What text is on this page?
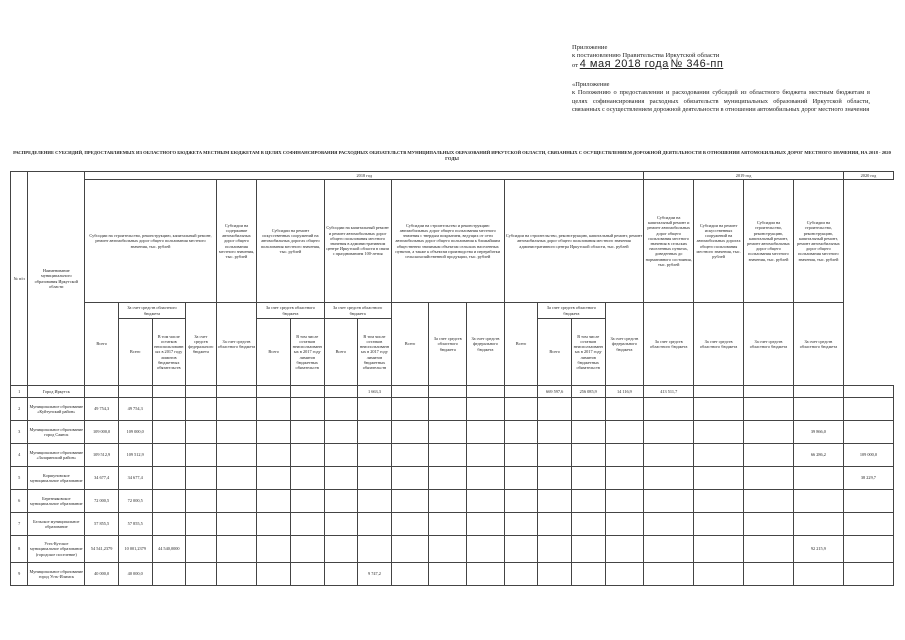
Приложение
к постановлению Правительства Иркутской области
от 4 мая 2018 года № 346-пп
«Приложение
к Положению о предоставлении и расходовании субсидий из областного бюджета местным бюджетам в целях софинансирования расходных обязательств муниципальных образований Иркутской области, связанных с осуществлением дорожной деятельности в отношении автомобильных дорог местного значения
РАСПРЕДЕЛЕНИЕ СУБСИДИЙ, ПРЕДОСТАВЛЯЕМЫХ ИЗ ОБЛАСТНОГО БЮДЖЕТА МЕСТНЫМ БЮДЖЕТАМ В ЦЕЛЯХ СОФИНАНСИРОВАНИЯ РАСХОДНЫХ ОБЯЗАТЕЛЬСТВ МУНИЦИПАЛЬНЫХ ОБРАЗОВАНИЙ ИРКУТСКОЙ ОБЛАСТИ, СВЯЗАННЫХ С ОСУЩЕСТВЛЕНИЕМ ДОРОЖНОЙ ДЕЯТЕЛЬНОСТИ В ОТНОШЕНИИ АВТОМОБИЛЬНЫХ ДОРОГ МЕСТНОГО ЗНАЧЕНИЯ, НА 2018 - 2020 ГОДЫ
№ п/п	Наименование муниципального образования Иркутской области	2018 год																2019 год				2020 год
		Субсидии на строительство, реконструкцию, капитальный ремонт, ремонт автомобильных дорог общего пользования местного значения, тыс. рублей				Субсидии на содержание автомобильных дорог общего пользования местного значения, тыс. рублей	Субсидии на ремонт искусственных сооружений на автомобильных дорогах общего пользования местного значения, тыс. рублей		Субсидии на капитальный ремонт и ремонт автомобильных дорог общего пользования местного значения в административном центре Иркутской области в связи с празднованием 100-летия		Субсидии на строительство и реконструкцию автомобильных дорог общего пользования местного значения с твердым покрытием, ведущих от сети автомобильных дорог общего пользования к ближайшим общественно значимым объектам сельских населенных пунктов, а также к объектам производства и переработки сельскохозяйственной продукции, тыс. рублей			Субсидии на строительство, реконструкцию, капитальный ремонт, ремонт автомобильных дорог общего пользования местного значения административного центра Иркутской области, тыс. рублей				Субсидии на капитальный ремонт и ремонт автомобильных дорог общего пользования местного значения в сельских населенных пунктах, доведенных до нормативного состояния, тыс. рублей	Субсидии на ремонт искусственных сооружений на автомобильных дорогах общего пользования местного значения, тыс. рублей	Субсидии на строительство, реконструкцию, капитальный ремонт, ремонт автомобильных дорог общего пользования местного значения, тыс. рублей	Субсидии на строительство, реконструкцию, капитальный ремонт, ремонт автомобильных дорог общего пользования местного значения, тыс. рублей	
		Всего	За счет средств областного бюджета		За счет средств федерального бюджета	За счет средств областного бюджета	За счет средств областного бюджета		За счет средств областного бюджета		Всего	За счет средств областного бюджета	За счет средств федерального бюджета	Всего	За счет средств областного бюджета		За счет средств федерального бюджета	За счет средств областного бюджета	За счет средств областного бюджета	За счет средств областного бюджета	За счет средств областного бюджета	
			Всего	В том числе остатков неиспользованных в 2017 году лимитов бюджетных обязательств			Всего	В том числе остатков неиспользованных в 2017 году лимитов бюджетных обязательств	Всего	В том числе остатков неиспользованных в 2017 году лимитов бюджетных обязательств					Всего	В том числе остатков неиспользованных в 2017 году лимитов бюджетных обязательств						
1	Город Иркутск									1 663,3					669 597,6	256 085,9	14 116,9	413 511,7				
2	Муниципальное образование «Куйтунский район»	49 754,3	49 754,3																			
3	Муниципальное образование город Саянск	109 000,0	109 000,0																		39 866,0	
4	Муниципальное образование «Заларинский район»	109 512,9	109 512,9																		66 286,2	109 000,0
5	Коршуновское муниципальное образование	34 677,4	34 677,4																			38 229,7
6	Березняковское муниципальное образование	72 000,5	72 000,5																			
7	Бельское муниципальное образование	57 855,5	57 855,5																			
8	Усть-Кутское муниципальное образование (городское поселение)	54 541,2379	10 001,2379	44 540,0000																	92 215,9	
9	Муниципальное образование город Усть-Илимск	40 000,0	40 000,0							9 747,2												
